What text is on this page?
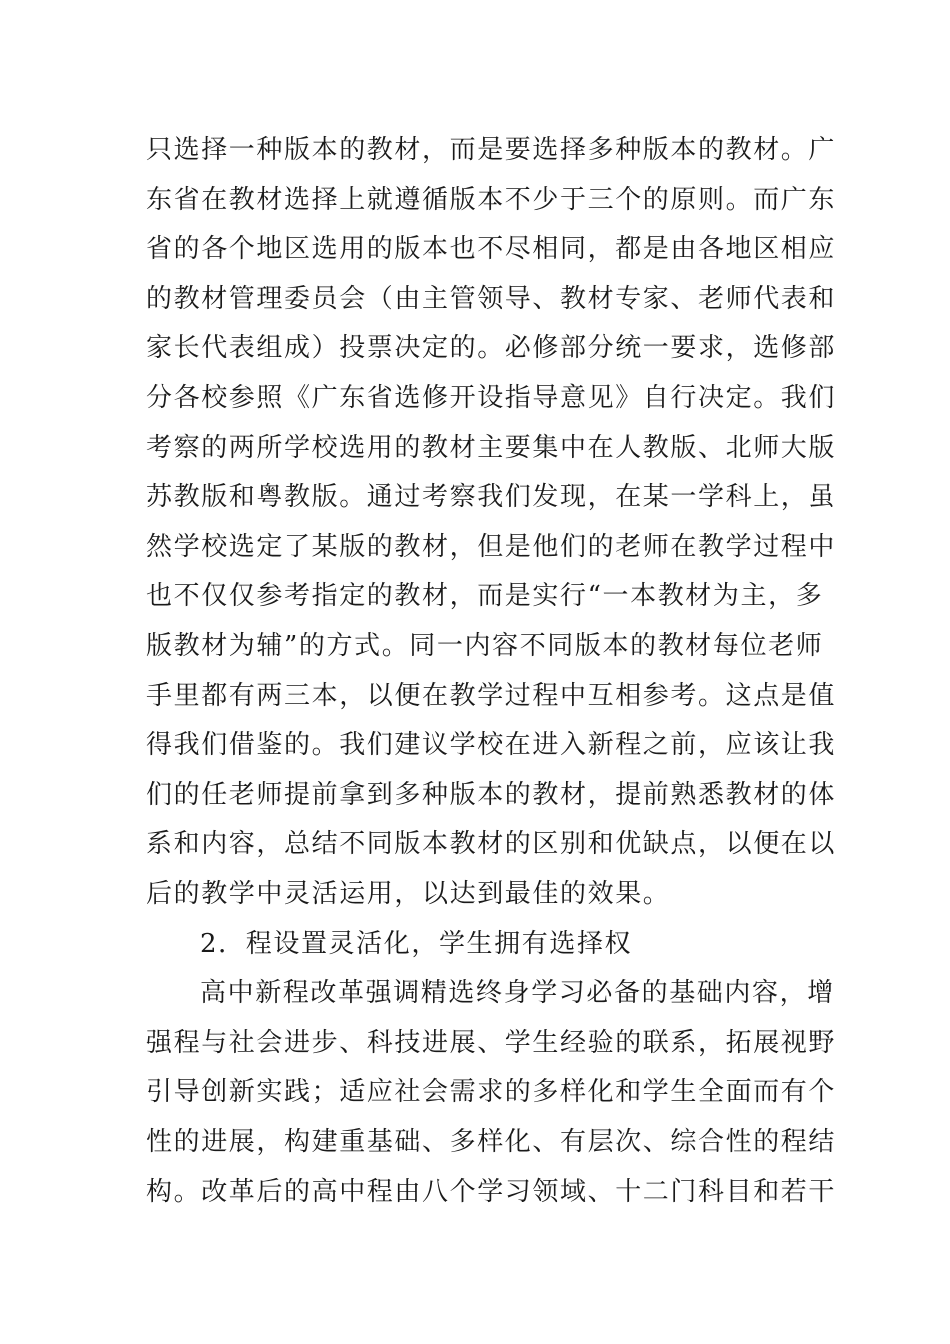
只选择一种版本的教材，而是要选择多种版本的教材。广
东省在教材选择上就遵循版本不少于三个的原则。而广东
省的各个地区选用的版本也不尽相同，都是由各地区相应
的教材管理委员会（由主管领导、教材专家、老师代表和
家长代表组成）投票决定的。必修部分统一要求，选修部
分各校参照《广东省选修开设指导意见》自行决定。我们
考察的两所学校选用的教材主要集中在人教版、北师大版
苏教版和粤教版。通过考察我们发现，在某一学科上，虽
然学校选定了某版的教材，但是他们的老师在教学过程中
也不仅仅参考指定的教材，而是实行“一本教材为主，多
版教材为辅”的方式。同一内容不同版本的教材每位老师
手里都有两三本，以便在教学过程中互相参考。这点是值
得我们借鉴的。我们建议学校在进入新程之前，应该让我
们的任老师提前拿到多种版本的教材，提前熟悉教材的体
系和内容，总结不同版本教材的区别和优缺点，以便在以
后的教学中灵活运用，以达到最佳的效果。
2．程设置灵活化，学生拥有选择权
高中新程改革强调精选终身学习必备的基础内容，增
强程与社会进步、科技进展、学生经验的联系，拓展视野
引导创新实践；适应社会需求的多样化和学生全面而有个
性的进展，构建重基础、多样化、有层次、综合性的程结
构。改革后的高中程由八个学习领域、十二门科目和若干
